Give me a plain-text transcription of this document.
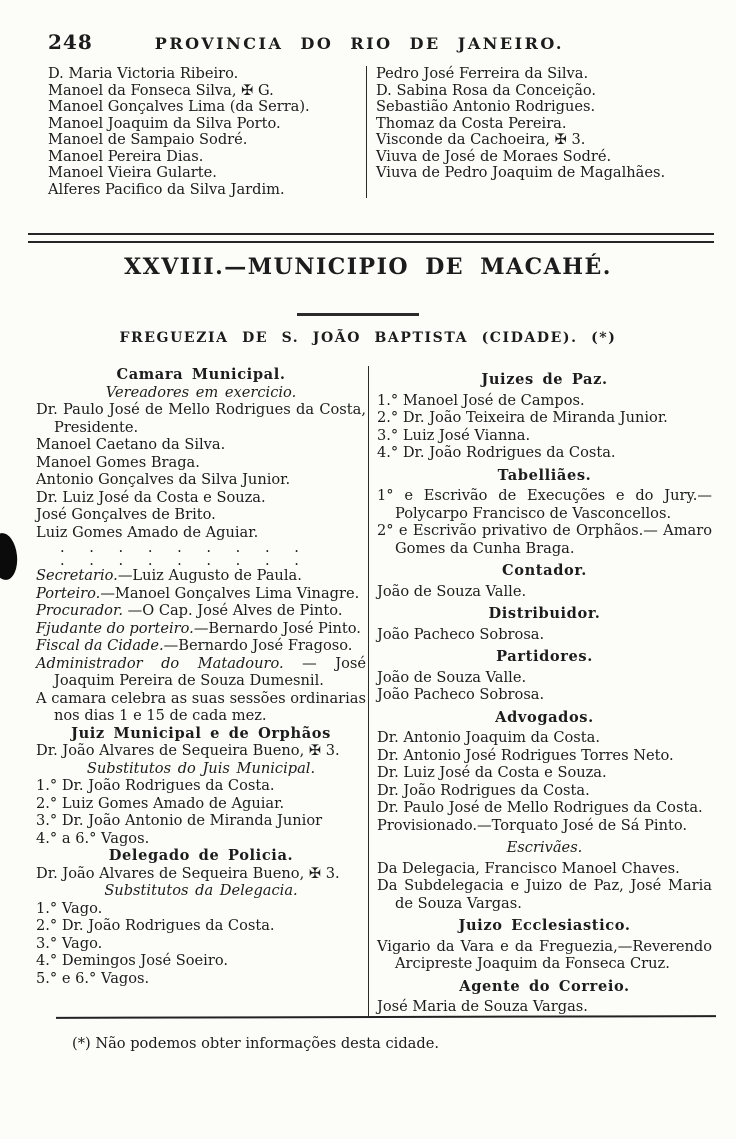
248	PROVINCIA DO RIO DE JANEIRO.

D. Maria Victoria Ribeiro.

Manoel da Fonseca Silva, ✠ G.

Manoel Gonçalves Lima (da Serra).

Manoel Joaquim da Silva Porto.

Manoel de Sampaio Sodré.

Manoel Pereira Dias.

Manoel Vieira Gularte.

Alferes Pacifico da Silva Jardim.

Pedro José Ferreira da Silva.

D. Sabina Rosa da Conceição.

Sebastião Antonio Rodrigues.

Thomaz da Costa Pereira.

Visconde da Cachoeira, ✠ 3.

Viuva de José de Moraes Sodré.

Viuva de Pedro Joaquim de Magalhães.

XXVIII.—MUNICIPIO DE MACAHÉ.
FREGUEZIA DE S. JOÃO BAPTISTA (CIDADE). (*)

Camara Municipal.

Vereadores em exercicio.

Dr. Paulo José de Mello Rodrigues da Costa, Presidente.

Manoel Caetano da Silva.

Manoel Gomes Braga.

Antonio Gonçalves da Silva Junior.

Dr. Luiz José da Costa e Souza.

José Gonçalves de Brito.

Luiz Gomes Amado de Aguiar.

. . . . . . . . .

. . . . . . . . .

Secretario.—Luiz Augusto de Paula.

Porteiro.—Manoel Gonçalves Lima Vinagre.

Procurador. —O Cap. José Alves de Pinto.

Fjudante do porteiro.—Bernardo José Pinto.

Fiscal da Cidade.—Bernardo José Fragoso.

Administrador do Matadouro. — José Joaquim Pereira de Souza Dumesnil.

A camara celebra as suas sessões ordinarias nos dias 1 e 15 de cada mez.

Juiz Municipal e de Orphãos

Dr. João Alvares de Sequeira Bueno, ✠ 3.

Substitutos do Juis Municipal.

1.° Dr. João Rodrigues da Costa.

2.° Luiz Gomes Amado de Aguiar.

3.° Dr. João Antonio de Miranda Junior

4.° a 6.° Vagos.

Delegado de Policia.

Dr. João Alvares de Sequeira Bueno, ✠ 3.

Substitutos da Delegacia.

1.° Vago.

2.° Dr. João Rodrigues da Costa.

3.° Vago.

4.° Demingos José Soeiro.

5.° e 6.° Vagos.

Juizes de Paz.

1.° Manoel José de Campos.

2.° Dr. João Teixeira de Miranda Junior.

3.° Luiz José Vianna.

4.° Dr. João Rodrigues da Costa.

Tabelliães.

1° e Escrivão de Execuções e do Jury.— Polycarpo Francisco de Vasconcellos.

2° e Escrivão privativo de Orphãos.— Amaro Gomes da Cunha Braga.

Contador.

João de Souza Valle.

Distribuidor.

João Pacheco Sobrosa.

Partidores.

João de Souza Valle.

João Pacheco Sobrosa.

Advogados.

Dr. Antonio Joaquim da Costa.

Dr. Antonio José Rodrigues Torres Neto.

Dr. Luiz José da Costa e Souza.

Dr. João Rodrigues da Costa.

Dr. Paulo José de Mello Rodrigues da Costa.

Provisionado.—Torquato José de Sá Pinto.

Escrivães.

Da Delegacia, Francisco Manoel Chaves.

Da Subdelegacia e Juizo de Paz, José Maria de Souza Vargas.

Juizo Ecclesiastico.

Vigario da Vara e da Freguezia,—Reverendo Arcipreste Joaquim da Fonseca Cruz.

Agente do Correio.

José Maria de Souza Vargas.

(*) Não podemos obter informações desta cidade.
